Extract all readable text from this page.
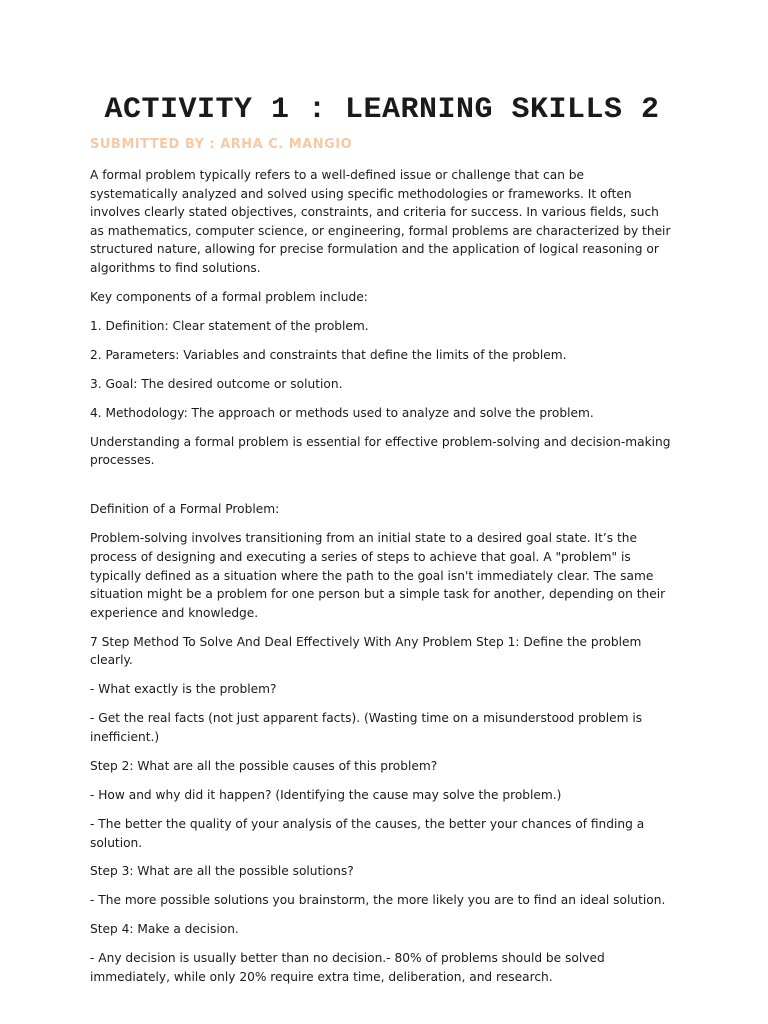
ACTIVITY 1 : LEARNING SKILLS 2
SUBMITTED BY : ARHA C. MANGIO

A formal problem typically refers to a well-defined issue or challenge that can be systematically analyzed and solved using specific methodologies or frameworks. It often involves clearly stated objectives, constraints, and criteria for success. In various fields, such as mathematics, computer science, or engineering, formal problems are characterized by their structured nature, allowing for precise formulation and the application of logical reasoning or algorithms to find solutions.

Key components of a formal problem include:

1. Definition: Clear statement of the problem.

2. Parameters: Variables and constraints that define the limits of the problem.

3. Goal: The desired outcome or solution.

4. Methodology: The approach or methods used to analyze and solve the problem.

Understanding a formal problem is essential for effective problem-solving and decision-making processes.

Definition of a Formal Problem:

Problem-solving involves transitioning from an initial state to a desired goal state. It’s the process of designing and executing a series of steps to achieve that goal. A "problem" is typically defined as a situation where the path to the goal isn't immediately clear. The same situation might be a problem for one person but a simple task for another, depending on their experience and knowledge.

7 Step Method To Solve And Deal Effectively With Any Problem Step 1: Define the problem clearly.

- What exactly is the problem?

- Get the real facts (not just apparent facts). (Wasting time on a misunderstood problem is inefficient.)

Step 2: What are all the possible causes of this problem?

- How and why did it happen? (Identifying the cause may solve the problem.)

- The better the quality of your analysis of the causes, the better your chances of finding a solution.

Step 3: What are all the possible solutions?

- The more possible solutions you brainstorm, the more likely you are to find an ideal solution.

Step 4: Make a decision.

- Any decision is usually better than no decision.- 80% of problems should be solved immediately, while only 20% require extra time, deliberation, and research.
